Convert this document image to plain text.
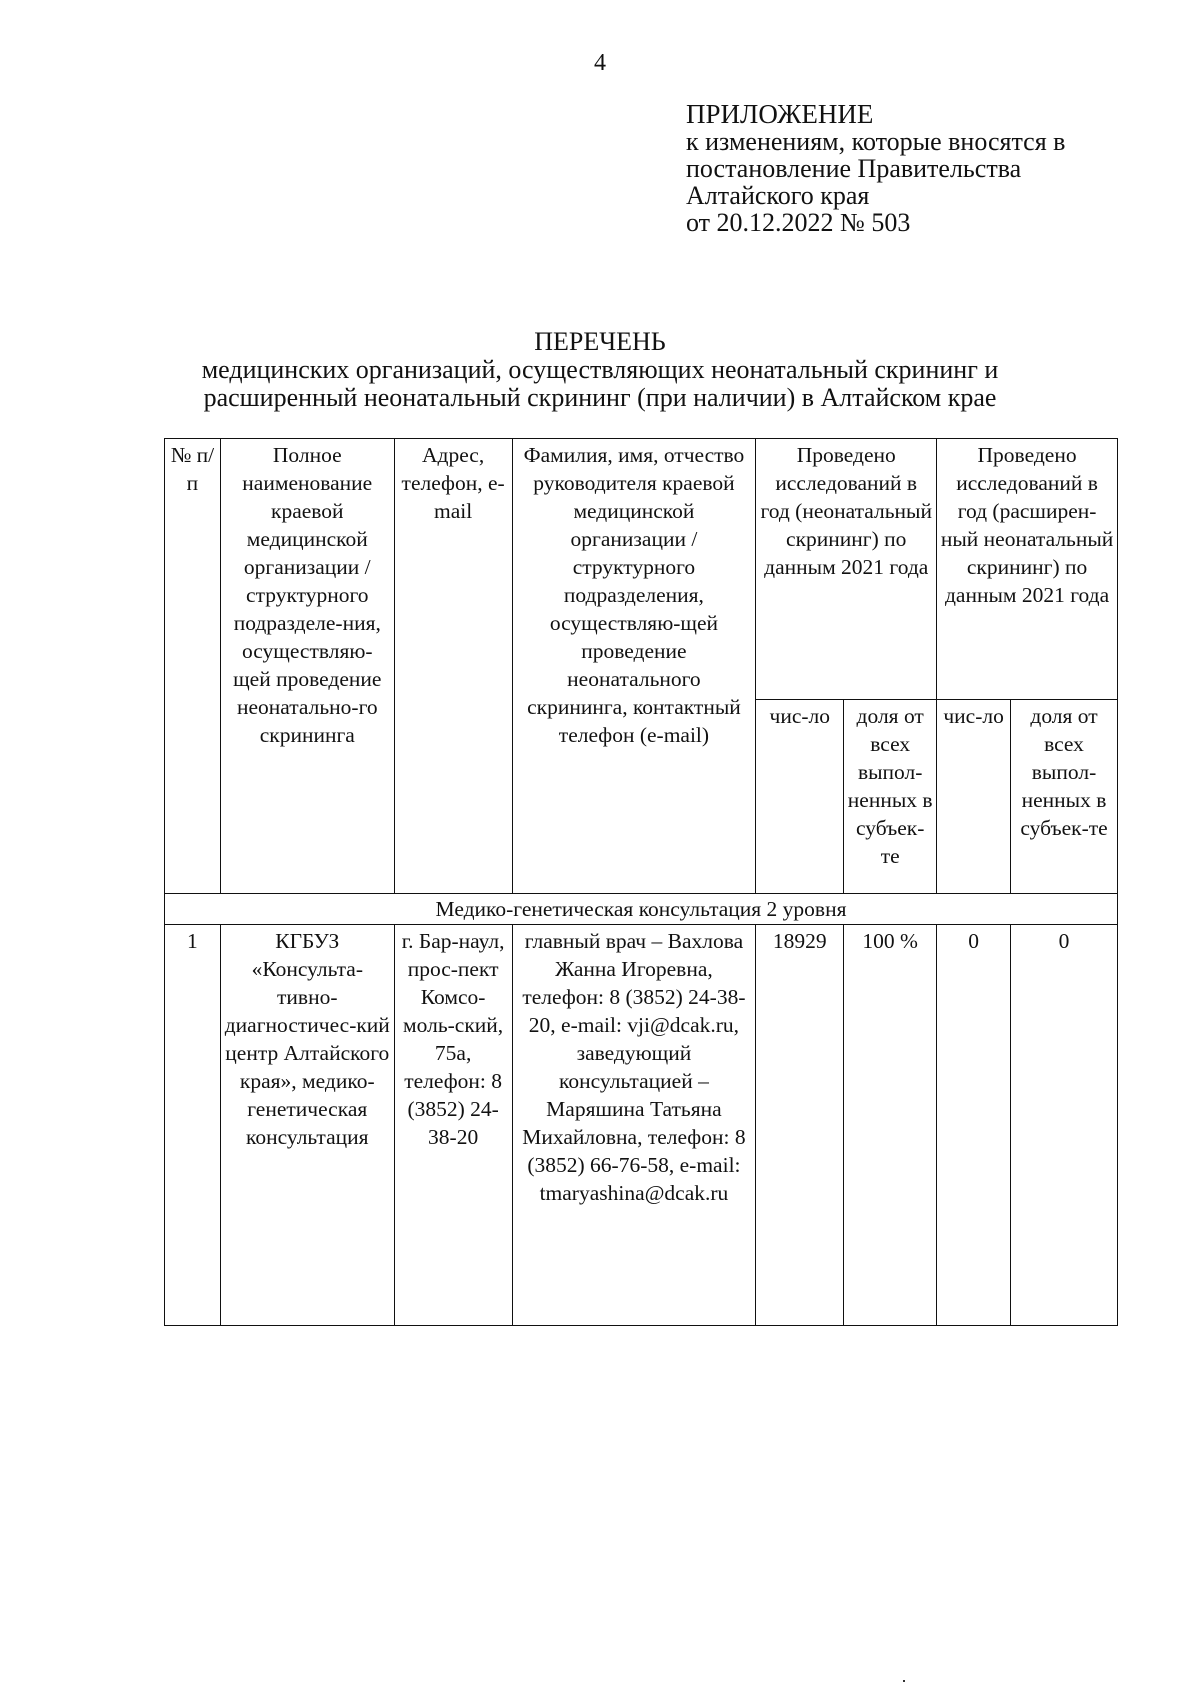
4
ПРИЛОЖЕНИЕ
к изменениям, которые вносятся в
постановление Правительства
Алтайского края
от 20.12.2022 № 503
ПЕРЕЧЕНЬ
медицинских организаций, осуществляющих неонатальный скрининг и
расширенный неонатальный скрининг (при наличии) в Алтайском крае
№ п/п	Полное наименование краевой медицинской организации / структурного подразделе-ния, осуществляю-щей проведение неонатально-го скрининга	Адрес, телефон, e-mail	Фамилия, имя, отчество руководителя краевой медицинской организации / структурного подразделения, осуществляю-щей проведение неонатального скрининга, контактный телефон (e-mail)	Проведено исследований в год (неонатальный скрининг) по данным 2021 года		Проведено исследований в год (расширен-ный неонатальный скрининг) по данным 2021 года	
				чис-ло	доля от всех выпол-ненных в субъек-те	чис-ло	доля от всех выпол-ненных в субъек-те
Медико-генетическая консультация 2 уровня							
1	КГБУЗ «Консульта-тивно-диагностичес-кий центр Алтайского края», медико-генетическая консультация	г. Бар-наул, прос-пект Комсо-моль-ский, 75а, телефон: 8 (3852) 24-38-20	главный врач – Вахлова Жанна Игоревна, телефон: 8 (3852) 24-38-20, e-mail: vji@dcak.ru, заведующий консультацией – Маряшина Татьяна Михайловна, телефон: 8 (3852) 66-76-58, e-mail: tmaryashina@dcak.ru	18929	100 %	0	0
